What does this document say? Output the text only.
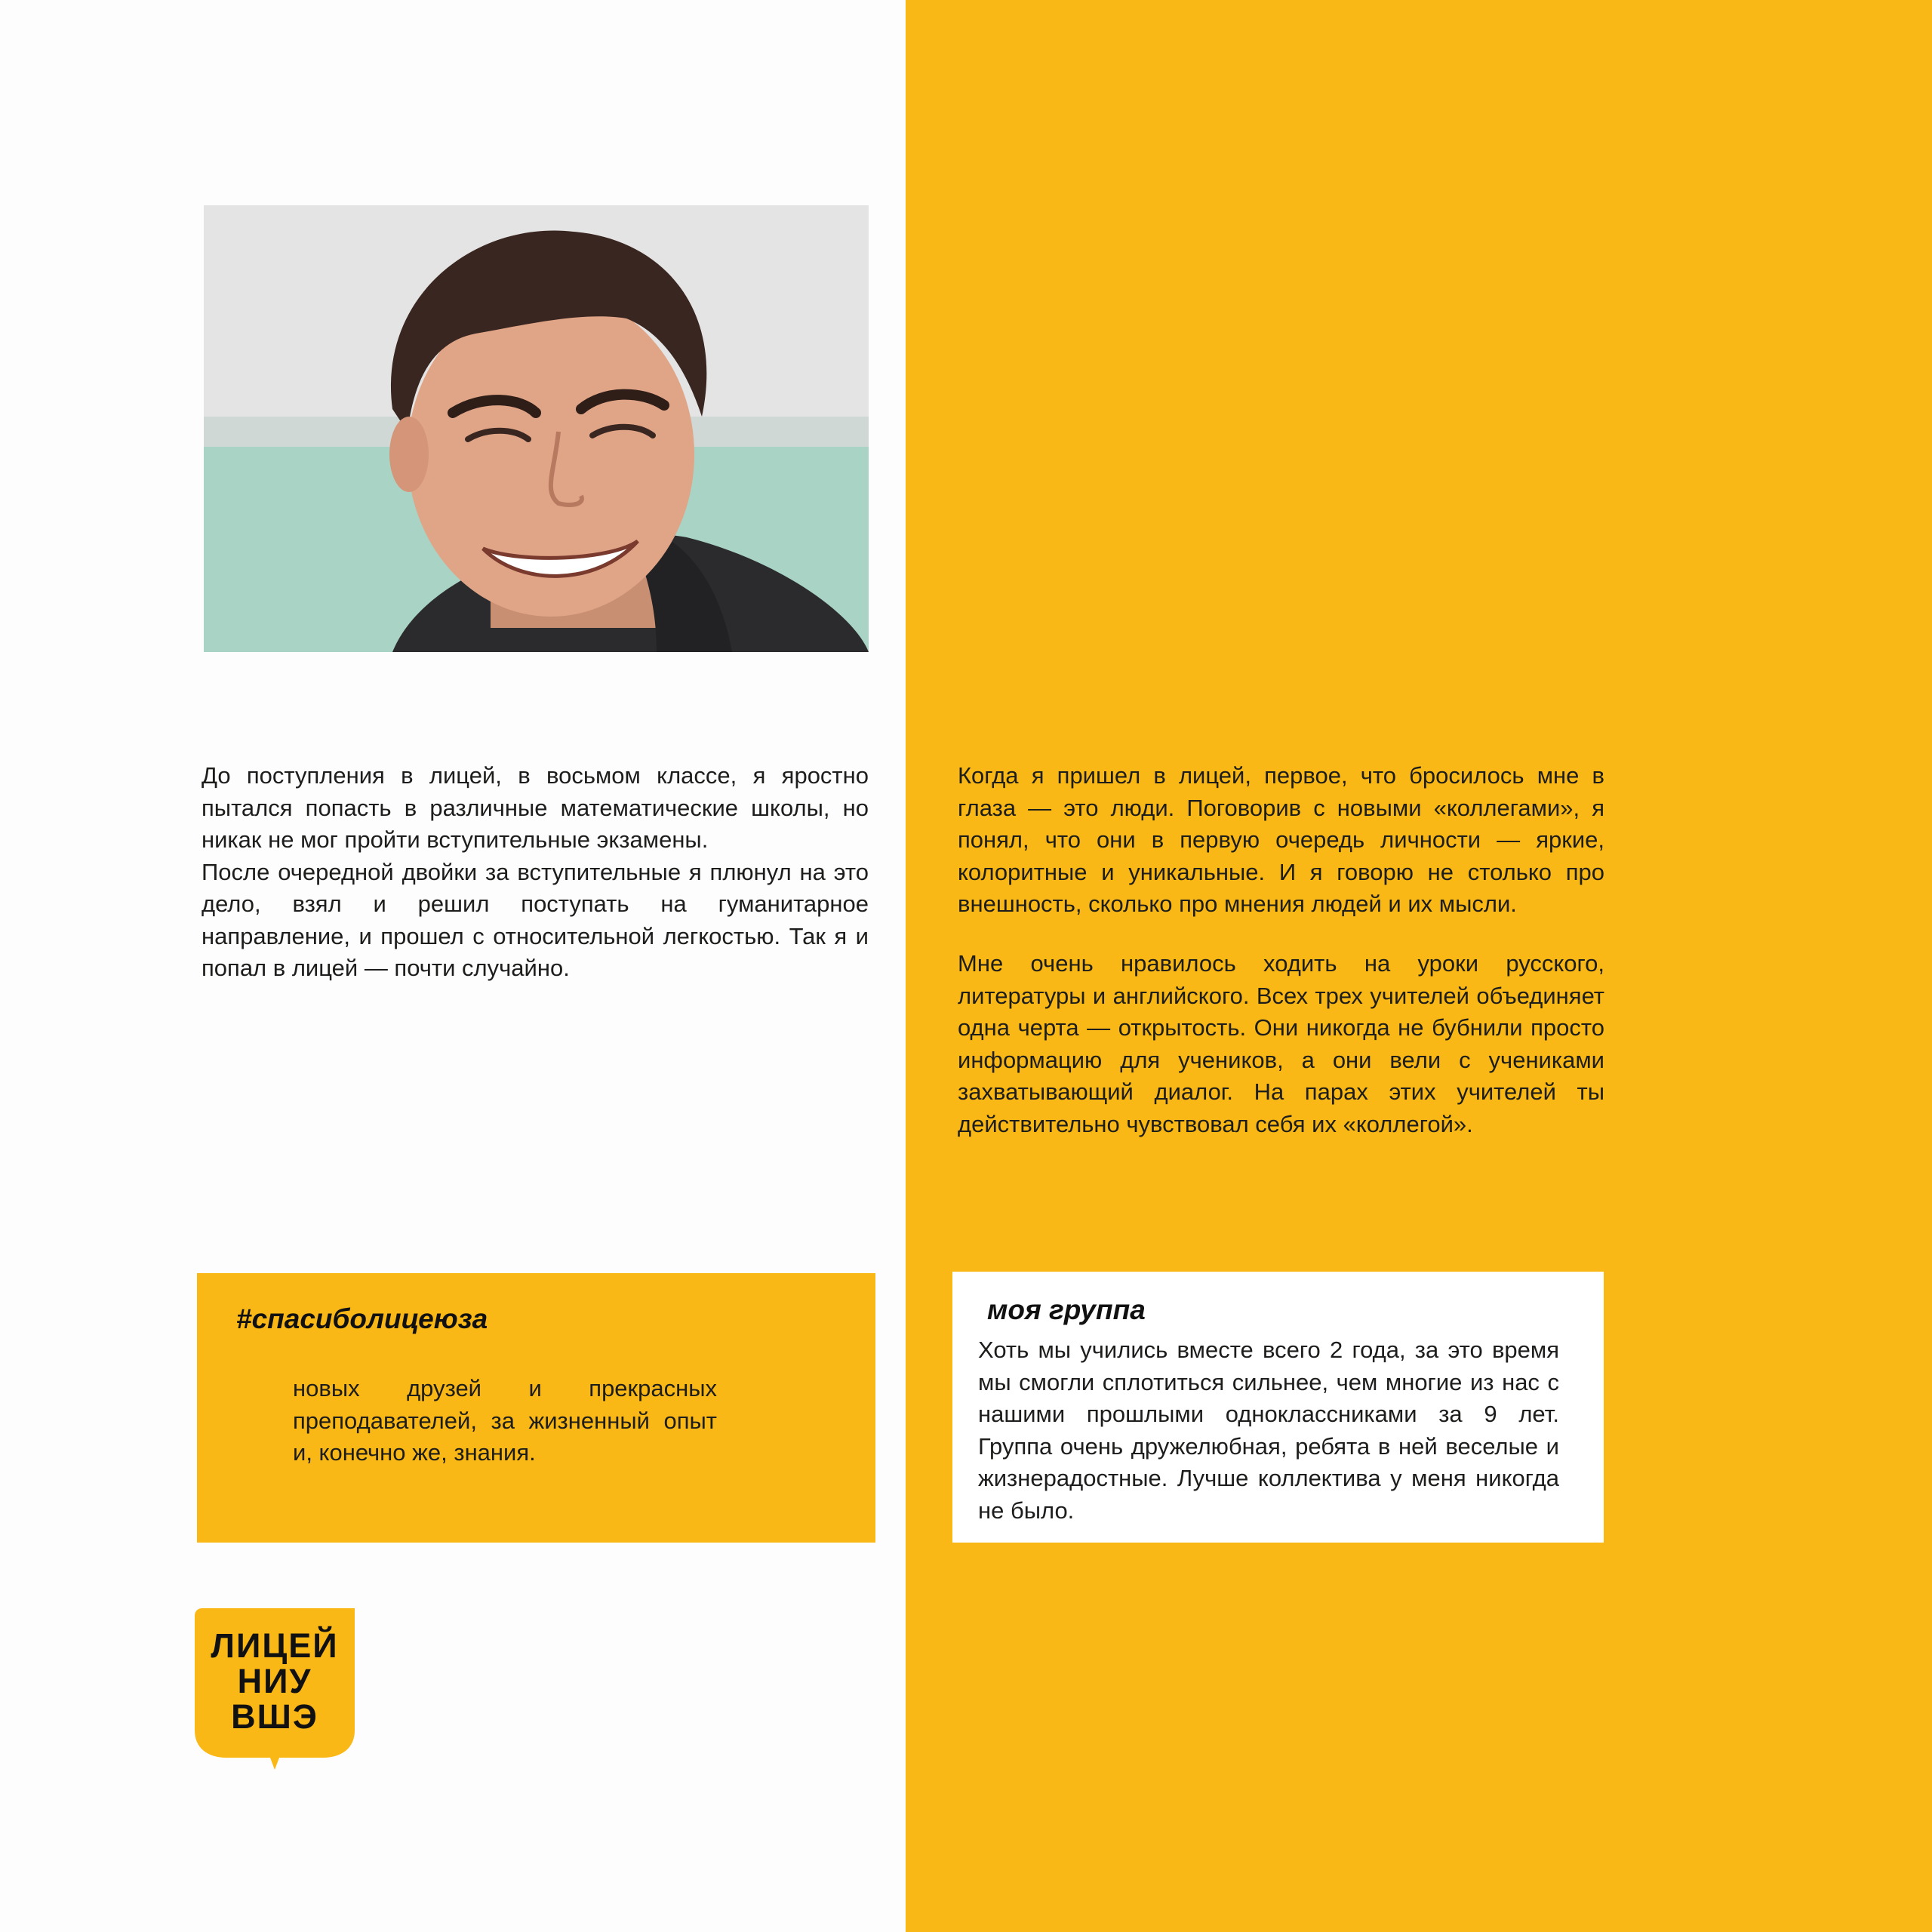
До поступления в лицей, в восьмом классе, я яростно пытался попасть в различные математические школы, но никак не мог пройти вступительные экзамены.

После очередной двойки за вступительные я плюнул на это дело, взял и решил поступать на гуманитарное направление, и прошел с относительной легкостью. Так я и попал в лицей — почти случайно.

Когда я пришел в лицей, первое, что бросилось мне в глаза — это люди. Поговорив с новыми «коллегами», я понял, что они в первую очередь личности — яркие, колоритные и уникальные. И я говорю не столько про внешность, сколько про мнения людей и их мысли.
Мне очень нравилось ходить на уроки русского, литературы и английского. Всех трех учителей объединяет одна черта — открытость. Они никогда не бубнили просто информацию для учеников, а они вели с учениками захватывающий диалог. На парах этих учителей ты действительно чувствовал себя их «коллегой».
#спасиболицеюза
новых друзей и прекрасных преподавателей, за жизненный опыт и, конечно же, знания.
моя группа
Хоть мы учились вместе всего 2 года, за это время мы смогли сплотиться сильнее, чем многие из нас с нашими прошлыми одноклассниками за 9 лет. Группа очень дружелюбная, ребята в ней веселые и жизнерадостные. Лучше коллектива у меня никогда не было.
ЛИЦЕЙ
НИУ
ВШЭ
